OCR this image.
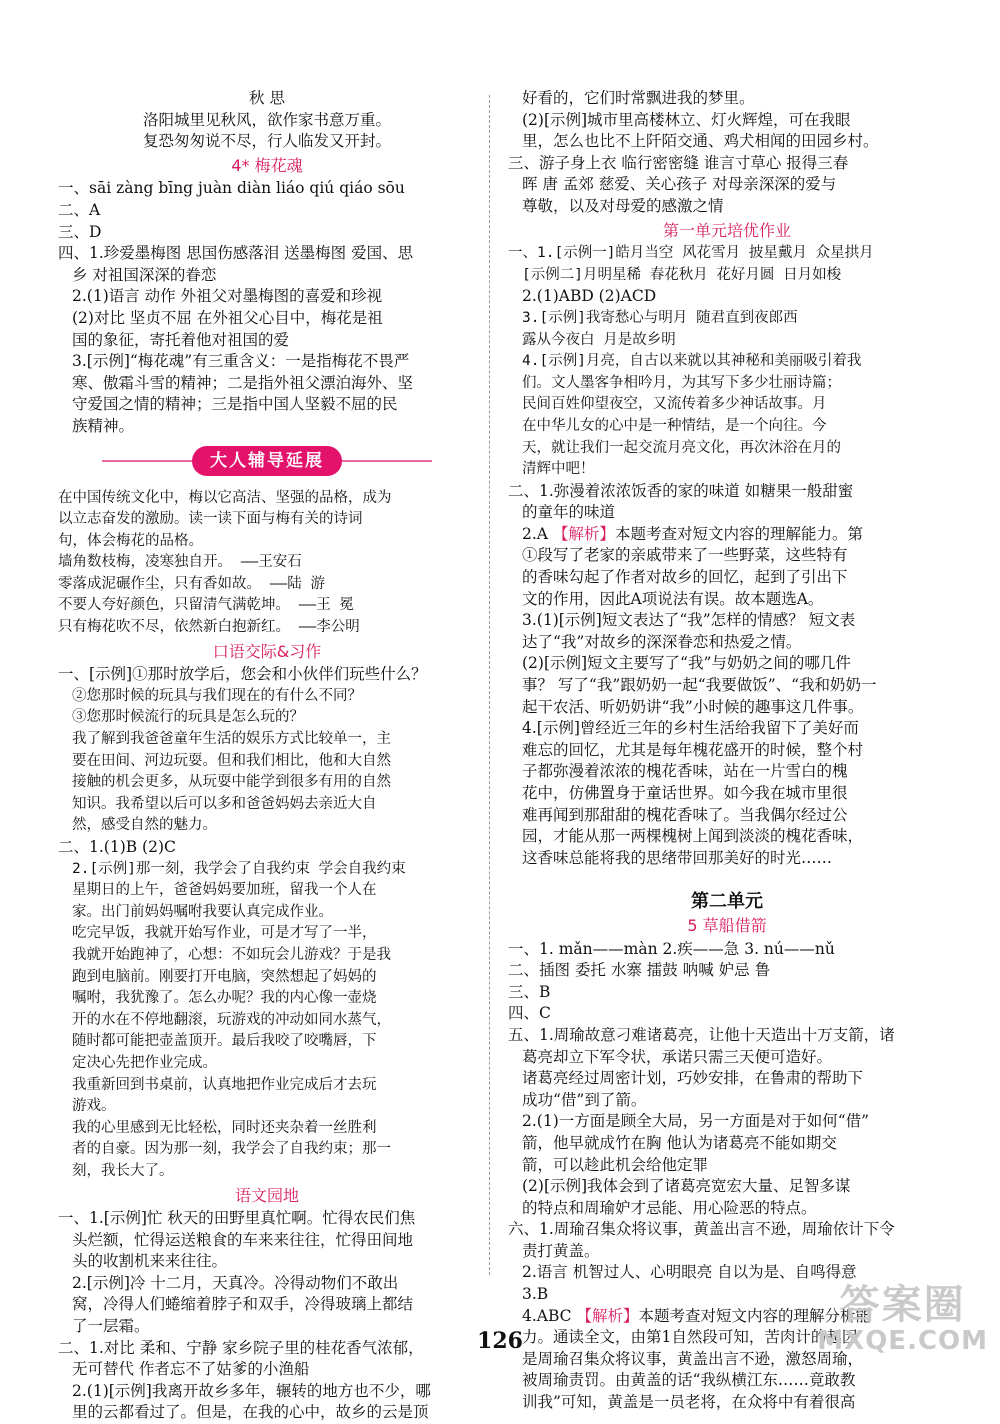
秋 思
洛阳城里见秋风，欲作家书意万重。
复恐匆匆说不尽，行人临发又开封。
4* 梅花魂
一、sāi zàng bīng juàn diàn liáo qiú qiáo sōu
二、A
三、D
四、1.珍爱墨梅图 思国伤感落泪 送墨梅图 爱国、思
乡 对祖国深深的眷恋
2.(1)语言 动作 外祖父对墨梅图的喜爱和珍视
(2)对比 坚贞不屈 在外祖父心目中，梅花是祖
国的象征，寄托着他对祖国的爱
3.[示例]“梅花魂”有三重含义：一是指梅花不畏严
寒、傲霜斗雪的精神；二是指外祖父漂泊海外、坚
守爱国之情的精神；三是指中国人坚毅不屈的民
族精神。
大人辅导延展
在中国传统文化中，梅以它高洁、坚强的品格，成为
以立志奋发的激励。读一读下面与梅有关的诗词
句，体会梅花的品格。
墙角数枝梅，凌寒独自开。 ——王安石
零落成泥碾作尘，只有香如故。 ——陆 游
不要人夸好颜色，只留清气满乾坤。 ——王 冕
只有梅花吹不尽，依然新白抱新红。 ——李公明
口语交际&习作
一、[示例]①那时放学后，您会和小伙伴们玩些什么？
②您那时候的玩具与我们现在的有什么不同？
③您那时候流行的玩具是怎么玩的？
我了解到我爸爸童年生活的娱乐方式比较单一，主
要在田间、河边玩耍。但和我们相比，他和大自然
接触的机会更多，从玩耍中能学到很多有用的自然
知识。我希望以后可以多和爸爸妈妈去亲近大自
然，感受自然的魅力。
二、1.(1)B (2)C
2.[示例]那一刻，我学会了自我约束 学会自我约束
星期日的上午，爸爸妈妈要加班，留我一个人在
家。出门前妈妈嘱咐我要认真完成作业。
吃完早饭，我就开始写作业，可是才写了一半，
我就开始跑神了，心想：不如玩会儿游戏？于是我
跑到电脑前。刚要打开电脑，突然想起了妈妈的
嘱咐，我犹豫了。怎么办呢？我的内心像一壶烧
开的水在不停地翻滚，玩游戏的冲动如同水蒸气，
随时都可能把壶盖顶开。最后我咬了咬嘴唇，下
定决心先把作业完成。
我重新回到书桌前，认真地把作业完成后才去玩
游戏。
我的心里感到无比轻松，同时还夹杂着一丝胜利
者的自豪。因为那一刻，我学会了自我约束；那一
刻，我长大了。
语文园地
一、1.[示例]忙 秋天的田野里真忙啊。忙得农民们焦
头烂额，忙得运送粮食的车来来往往，忙得田间地
头的收割机来来往往。
2.[示例]冷 十二月，天真冷。冷得动物们不敢出
窝，冷得人们蜷缩着脖子和双手，冷得玻璃上都结
了一层霜。
二、1.对比 柔和、宁静 家乡院子里的桂花香气浓郁，
无可替代 作者忘不了姑爹的小渔船
2.(1)[示例]我离开故乡多年，辗转的地方也不少，哪
里的云都看过了。但是，在我的心中，故乡的云是顶
好看的，它们时常飘进我的梦里。
(2)[示例]城市里高楼林立、灯火辉煌，可在我眼
里，怎么也比不上阡陌交通、鸡犬相闻的田园乡村。
三、游子身上衣 临行密密缝 谁言寸草心 报得三春
晖 唐 孟郊 慈爱、关心孩子 对母亲深深的爱与
尊敬，以及对母爱的感激之情
第一单元培优作业
一、1.[示例一]皓月当空 风花雪月 披星戴月 众星拱月
[示例二]月明星稀 春花秋月 花好月圆 日月如梭
2.(1)ABD (2)ACD
3.[示例]我寄愁心与明月 随君直到夜郎西
露从今夜白 月是故乡明
4.[示例]月亮，自古以来就以其神秘和美丽吸引着我
们。文人墨客争相吟月，为其写下多少壮丽诗篇；
民间百姓仰望夜空，又流传着多少神话故事。月
在中华儿女的心中是一种情结，是一个向往。今
天，就让我们一起交流月亮文化，再次沐浴在月的
清辉中吧！
二、1.弥漫着浓浓饭香的家的味道 如糖果一般甜蜜
的童年的味道
2.A 【解析】本题考查对短文内容的理解能力。第
①段写了老家的亲戚带来了一些野菜，这些特有
的香味勾起了作者对故乡的回忆，起到了引出下
文的作用，因此A项说法有误。故本题选A。
3.(1)[示例]短文表达了“我”怎样的情感？ 短文表
达了“我”对故乡的深深眷恋和热爱之情。
(2)[示例]短文主要写了“我”与奶奶之间的哪几件
事？ 写了“我”跟奶奶一起“我要做饭”、“我和奶奶一
起干农活、听奶奶讲“我”小时候的趣事这几件事。
4.[示例]曾经近三年的乡村生活给我留下了美好而
难忘的回忆，尤其是每年槐花盛开的时候，整个村
子都弥漫着浓浓的槐花香味，站在一片雪白的槐
花中，仿佛置身于童话世界。如今我在城市里很
难再闻到那甜甜的槐花香味了。当我偶尔经过公
园，才能从那一两棵槐树上闻到淡淡的槐花香味，
这香味总能将我的思绪带回那美好的时光……
第二单元
5 草船借箭
一、1. mǎn——màn 2.疾——急 3. nú——nǔ
二、插图 委托 水寨 擂鼓 呐喊 妒忌 鲁
三、B
四、C
五、1.周瑜故意刁难诸葛亮，让他十天造出十万支箭，诸
葛亮却立下军令状，承诺只需三天便可造好。
诸葛亮经过周密计划，巧妙安排，在鲁肃的帮助下
成功“借”到了箭。
2.(1)一方面是顾全大局，另一方面是对于如何“借”
箭，他早就成竹在胸 他认为诸葛亮不能如期交
箭，可以趁此机会给他定罪
(2)[示例]我体会到了诸葛亮宽宏大量、足智多谋
的特点和周瑜妒才忌能、用心险恶的特点。
六、1.周瑜召集众将议事，黄盖出言不逊，周瑜依计下令
责打黄盖。
2.语言 机智过人、心明眼亮 自以为是、自鸣得意
3.B
4.ABC 【解析】本题考查对短文内容的理解分析能
力。通读全文，由第1自然段可知，苦肉计的起因
是周瑜召集众将议事，黄盖出言不逊，激怒周瑜，
被周瑜责罚。由黄盖的话“我纵横江东……竟敢教
训我”可知，黄盖是一员老将，在众将中有着很高
126
答案圈
MXQE.COM
